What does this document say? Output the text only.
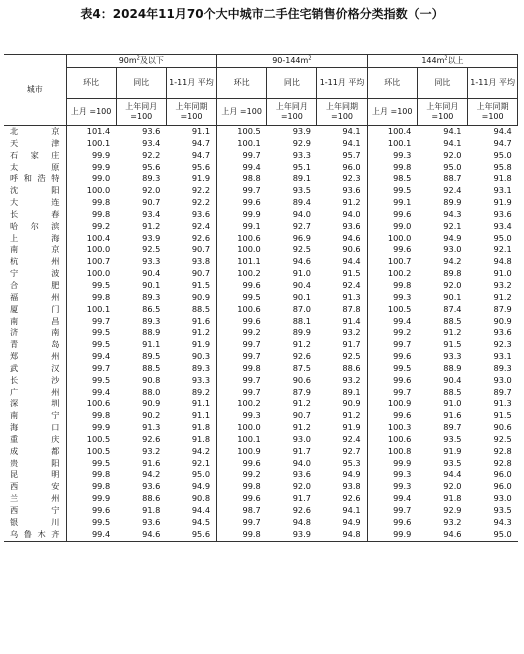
表4：2024年11月70个大中城市二手住宅销售价格分类指数（一）
城市	$90m^2$及以下			$90-144m^2$			$144m^2$以上		
	环比	同比	1-11月 平均	环比	同比	1-11月 平均	环比	同比	1-11月 平均
	上月 =100	上年同月 =100	上年同期 =100	上月 =100	上年同月 =100	上年同期 =100	上月 =100	上年同月 =100	上年同期 =100
北京	101.4	93.6	91.1	100.5	93.9	94.1	100.4	94.1	94.4
天津	100.1	93.4	94.7	100.1	92.9	94.1	100.1	94.1	94.7
石家庄	99.9	92.2	94.7	99.7	93.3	95.7	99.3	92.0	95.0
太原	99.9	95.6	95.6	99.4	95.1	96.0	99.8	95.0	95.8
呼和浩特	99.0	89.3	91.9	98.8	89.1	92.3	98.5	88.7	91.8
沈阳	100.0	92.0	92.2	99.7	93.5	93.6	99.5	92.4	93.1
大连	99.8	90.7	92.2	99.6	89.4	91.2	99.1	89.9	91.9
长春	99.8	93.4	93.6	99.9	94.0	94.0	99.6	94.3	93.6
哈尔滨	99.2	91.2	92.4	99.1	92.7	93.6	99.0	92.1	93.4
上海	100.4	93.9	92.6	100.6	96.9	94.6	100.0	94.9	95.0
南京	100.0	92.5	90.7	100.0	92.5	90.6	99.6	93.0	92.1
杭州	100.7	93.3	93.8	101.1	94.6	94.4	100.7	94.2	94.8
宁波	100.0	90.4	90.7	100.2	91.0	91.5	100.2	89.8	91.0
合肥	99.5	90.1	91.5	99.6	90.4	92.4	99.8	92.0	93.2
福州	99.8	89.3	90.9	99.5	90.1	91.3	99.3	90.1	91.2
厦门	100.1	86.5	88.5	100.6	87.0	87.8	100.5	87.4	87.9
南昌	99.7	89.3	91.6	99.6	88.1	91.4	99.4	88.5	90.9
济南	99.5	88.9	91.2	99.2	89.9	93.2	99.2	91.2	93.6
青岛	99.5	91.1	91.9	99.7	91.2	91.7	99.7	91.5	92.3
郑州	99.4	89.5	90.3	99.7	92.6	92.5	99.6	93.3	93.1
武汉	99.7	88.5	89.3	99.8	87.5	88.6	99.5	88.9	89.3
长沙	99.5	90.8	93.3	99.7	90.6	93.2	99.6	90.4	93.0
广州	99.4	88.0	89.2	99.7	87.9	89.1	99.7	88.5	89.7
深圳	100.6	90.9	91.1	100.2	91.2	90.9	100.9	91.0	91.3
南宁	99.8	90.2	91.1	99.3	90.7	91.2	99.6	91.6	91.5
海口	99.9	91.3	91.8	100.0	91.2	91.9	100.3	89.7	90.6
重庆	100.5	92.6	91.8	100.1	93.0	92.4	100.6	93.5	92.5
成都	100.5	93.2	94.2	100.9	91.7	92.7	100.8	91.9	92.8
贵阳	99.5	91.6	92.1	99.6	94.0	95.3	99.9	93.5	92.8
昆明	99.8	94.2	95.0	99.2	93.6	94.9	99.3	94.4	96.0
西安	99.8	93.6	94.9	99.8	92.0	93.8	99.3	92.0	96.0
兰州	99.9	88.6	90.8	99.6	91.7	92.6	99.4	91.8	93.0
西宁	99.6	91.8	94.4	98.7	92.6	94.1	99.7	92.9	93.5
银川	99.5	93.6	94.5	99.7	94.8	94.9	99.6	93.2	94.3
乌鲁木齐	99.4	94.6	95.6	99.8	93.9	94.8	99.9	94.6	95.0
